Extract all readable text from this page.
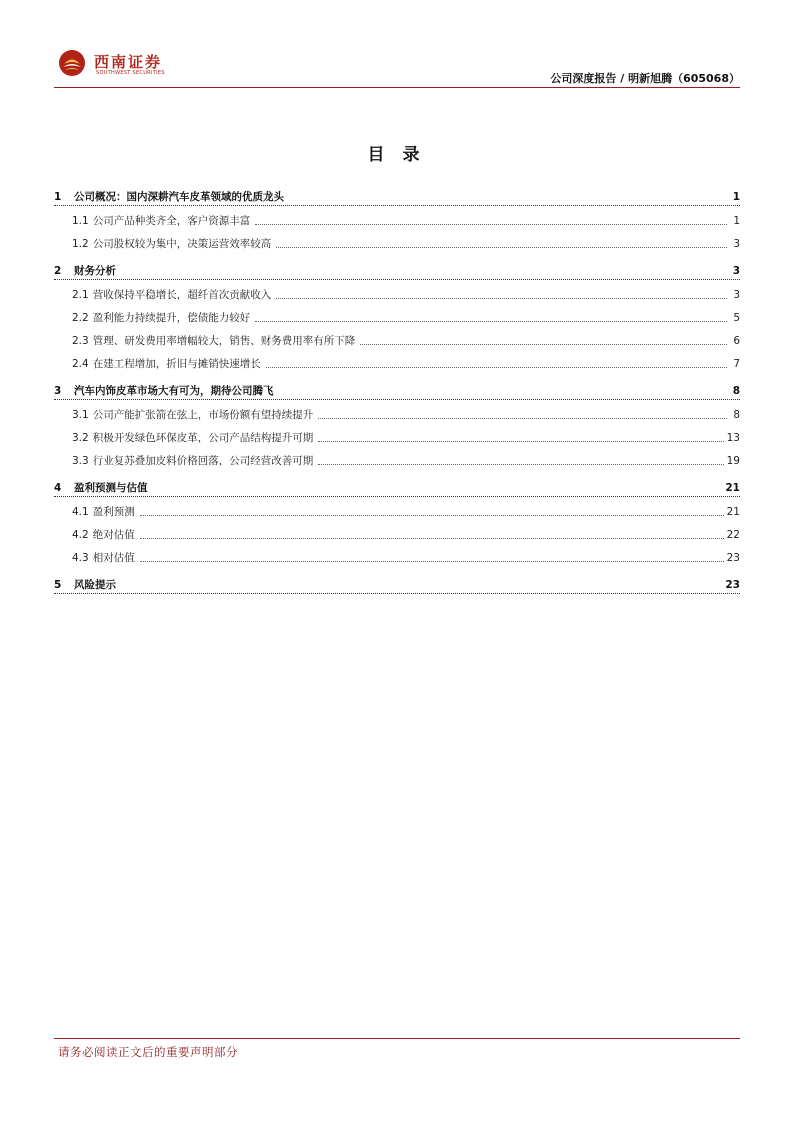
西南证券
SOUTHWEST SECURITIES	公司深度报告 / 明新旭腾（605068）
目 录
1	公司概况：国内深耕汽车皮革领域的优质龙头	1
1.1 公司产品种类齐全，客户资源丰富	1
1.2 公司股权较为集中，决策运营效率较高	3
2	财务分析	3
2.1 营收保持平稳增长，超纤首次贡献收入	3
2.2 盈利能力持续提升，偿债能力较好	5
2.3 管理、研发费用率增幅较大，销售、财务费用率有所下降	6
2.4 在建工程增加，折旧与摊销快速增长	7
3	汽车内饰皮革市场大有可为，期待公司腾飞	8
3.1 公司产能扩张箭在弦上，市场份额有望持续提升	8
3.2 积极开发绿色环保皮革，公司产品结构提升可期	13
3.3 行业复苏叠加皮料价格回落，公司经营改善可期	19
4	盈利预测与估值	21
4.1 盈利预测	21
4.2 绝对估值	22
4.3 相对估值	23
5	风险提示	23
请务必阅读正文后的重要声明部分
